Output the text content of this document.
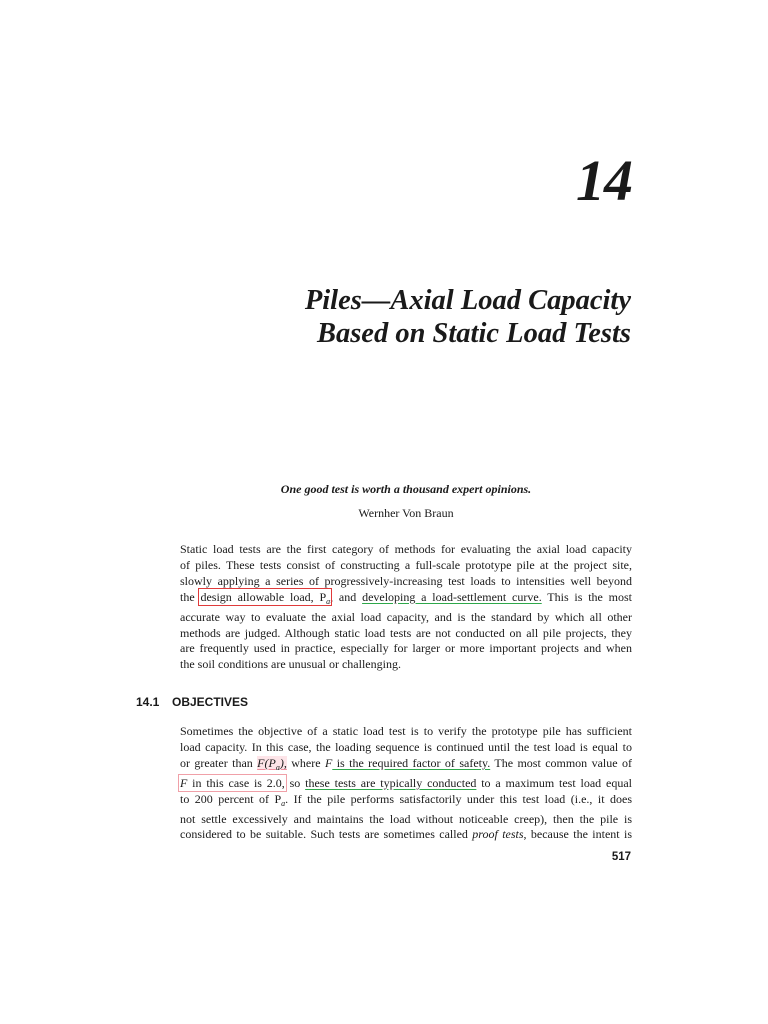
14
Piles—Axial Load Capacity
Based on Static Load Tests
One good test is worth a thousand expert opinions.
Wernher Von Braun
Static load tests are the first category of methods for evaluating the axial load capacity
of piles. These tests consist of constructing a full-scale prototype pile at the project site,
slowly applying a series of progressively-increasing test loads to intensities well beyond
the design allowable load, $P_a$, and developing a load-settlement curve. This is the most
accurate way to evaluate the axial load capacity, and is the standard by which all other
methods are judged. Although static load tests are not conducted on all pile projects, they
are frequently used in practice, especially for larger or more important projects and when
the soil conditions are unusual or challenging.
14.1 OBJECTIVES
Sometimes the objective of a static load test is to verify the prototype pile has sufficient
load capacity. In this case, the loading sequence is continued until the test load is equal to
or greater than $F(P_a)$, where F is the required factor of safety. The most common value of
F in this case is 2.0, so these tests are typically conducted to a maximum test load equal
to 200 percent of $P_a$. If the pile performs satisfactorily under this test load (i.e., it does
not settle excessively and maintains the load without noticeable creep), then the pile is
considered to be suitable. Such tests are sometimes called proof tests, because the intent is
517
